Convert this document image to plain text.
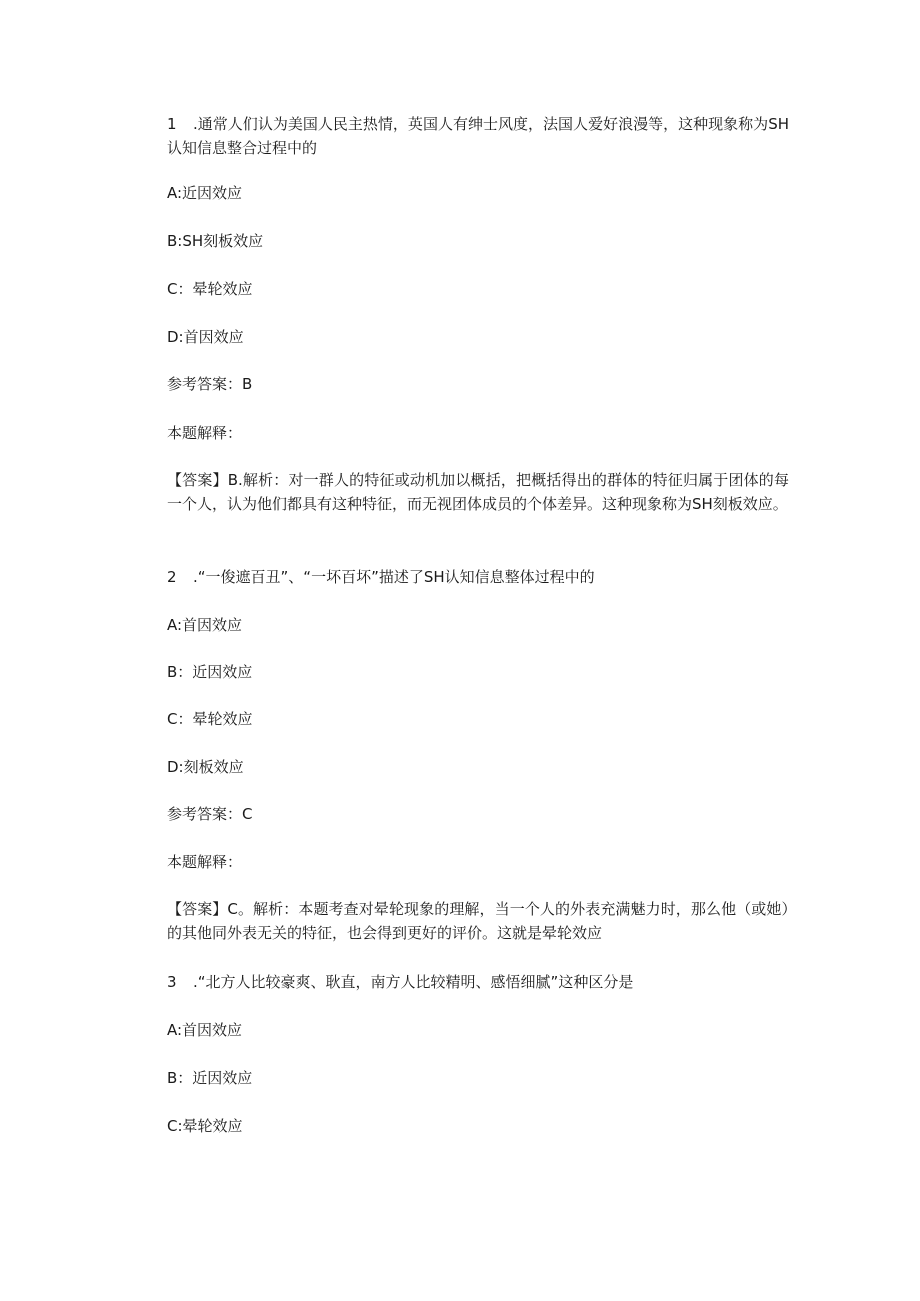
1 .通常人们认为美国人民主热情，英国人有绅士风度，法国人爱好浪漫等，这种现象称为SH认知信息整合过程中的
A:近因效应
B:SH刻板效应
C：晕轮效应
D:首因效应
参考答案：B
本题解释：
【答案】B.解析：对一群人的特征或动机加以概括，把概括得出的群体的特征归属于团体的每一个人，认为他们都具有这种特征，而无视团体成员的个体差异。这种现象称为SH刻板效应。
2 .“一俊遮百丑”、“一坏百坏”描述了SH认知信息整体过程中的
A:首因效应
B：近因效应
C：晕轮效应
D:刻板效应
参考答案：C
本题解释：
【答案】C。解析：本题考查对晕轮现象的理解，当一个人的外表充满魅力时，那么他（或她）的其他同外表无关的特征，也会得到更好的评价。这就是晕轮效应
3 .“北方人比较豪爽、耿直，南方人比较精明、感悟细腻”这种区分是
A:首因效应
B：近因效应
C:晕轮效应
